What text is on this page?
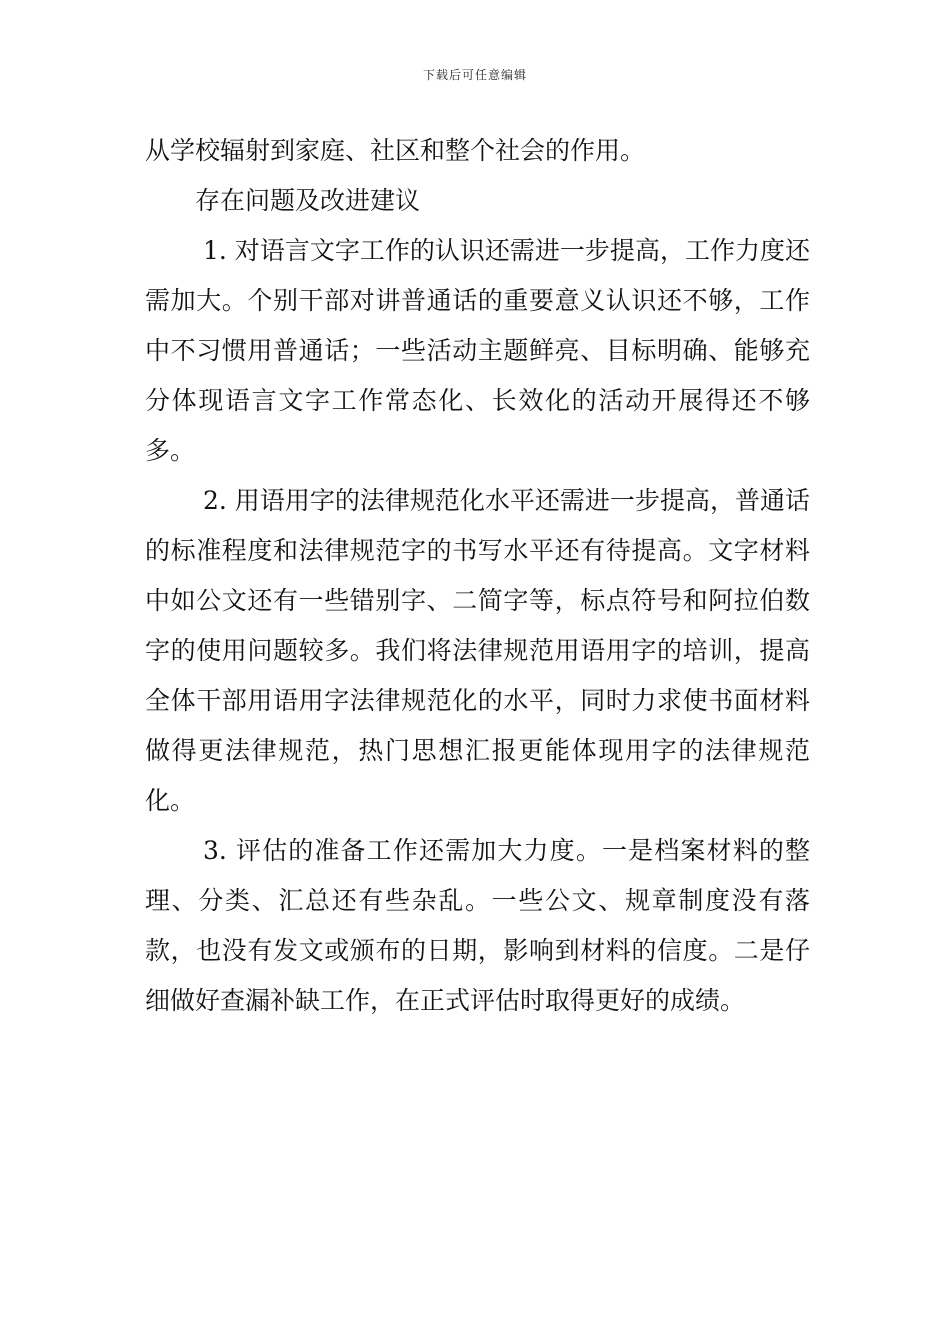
下载后可任意编辑

从学校辐射到家庭、社区和整个社会的作用。

存在问题及改进建议

1. 对语言文字工作的认识还需进一步提高，工作力度还需加大。个别干部对讲普通话的重要意义认识还不够，工作中不习惯用普通话；一些活动主题鲜亮、目标明确、能够充分体现语言文字工作常态化、长效化的活动开展得还不够多。

2. 用语用字的法律规范化水平还需进一步提高，普通话的标准程度和法律规范字的书写水平还有待提高。文字材料中如公文还有一些错别字、二简字等，标点符号和阿拉伯数字的使用问题较多。我们将法律规范用语用字的培训，提高全体干部用语用字法律规范化的水平，同时力求使书面材料做得更法律规范，热门思想汇报更能体现用字的法律规范化。

3. 评估的准备工作还需加大力度。一是档案材料的整理、分类、汇总还有些杂乱。一些公文、规章制度没有落款，也没有发文或颁布的日期，影响到材料的信度。二是仔细做好查漏补缺工作，在正式评估时取得更好的成绩。
